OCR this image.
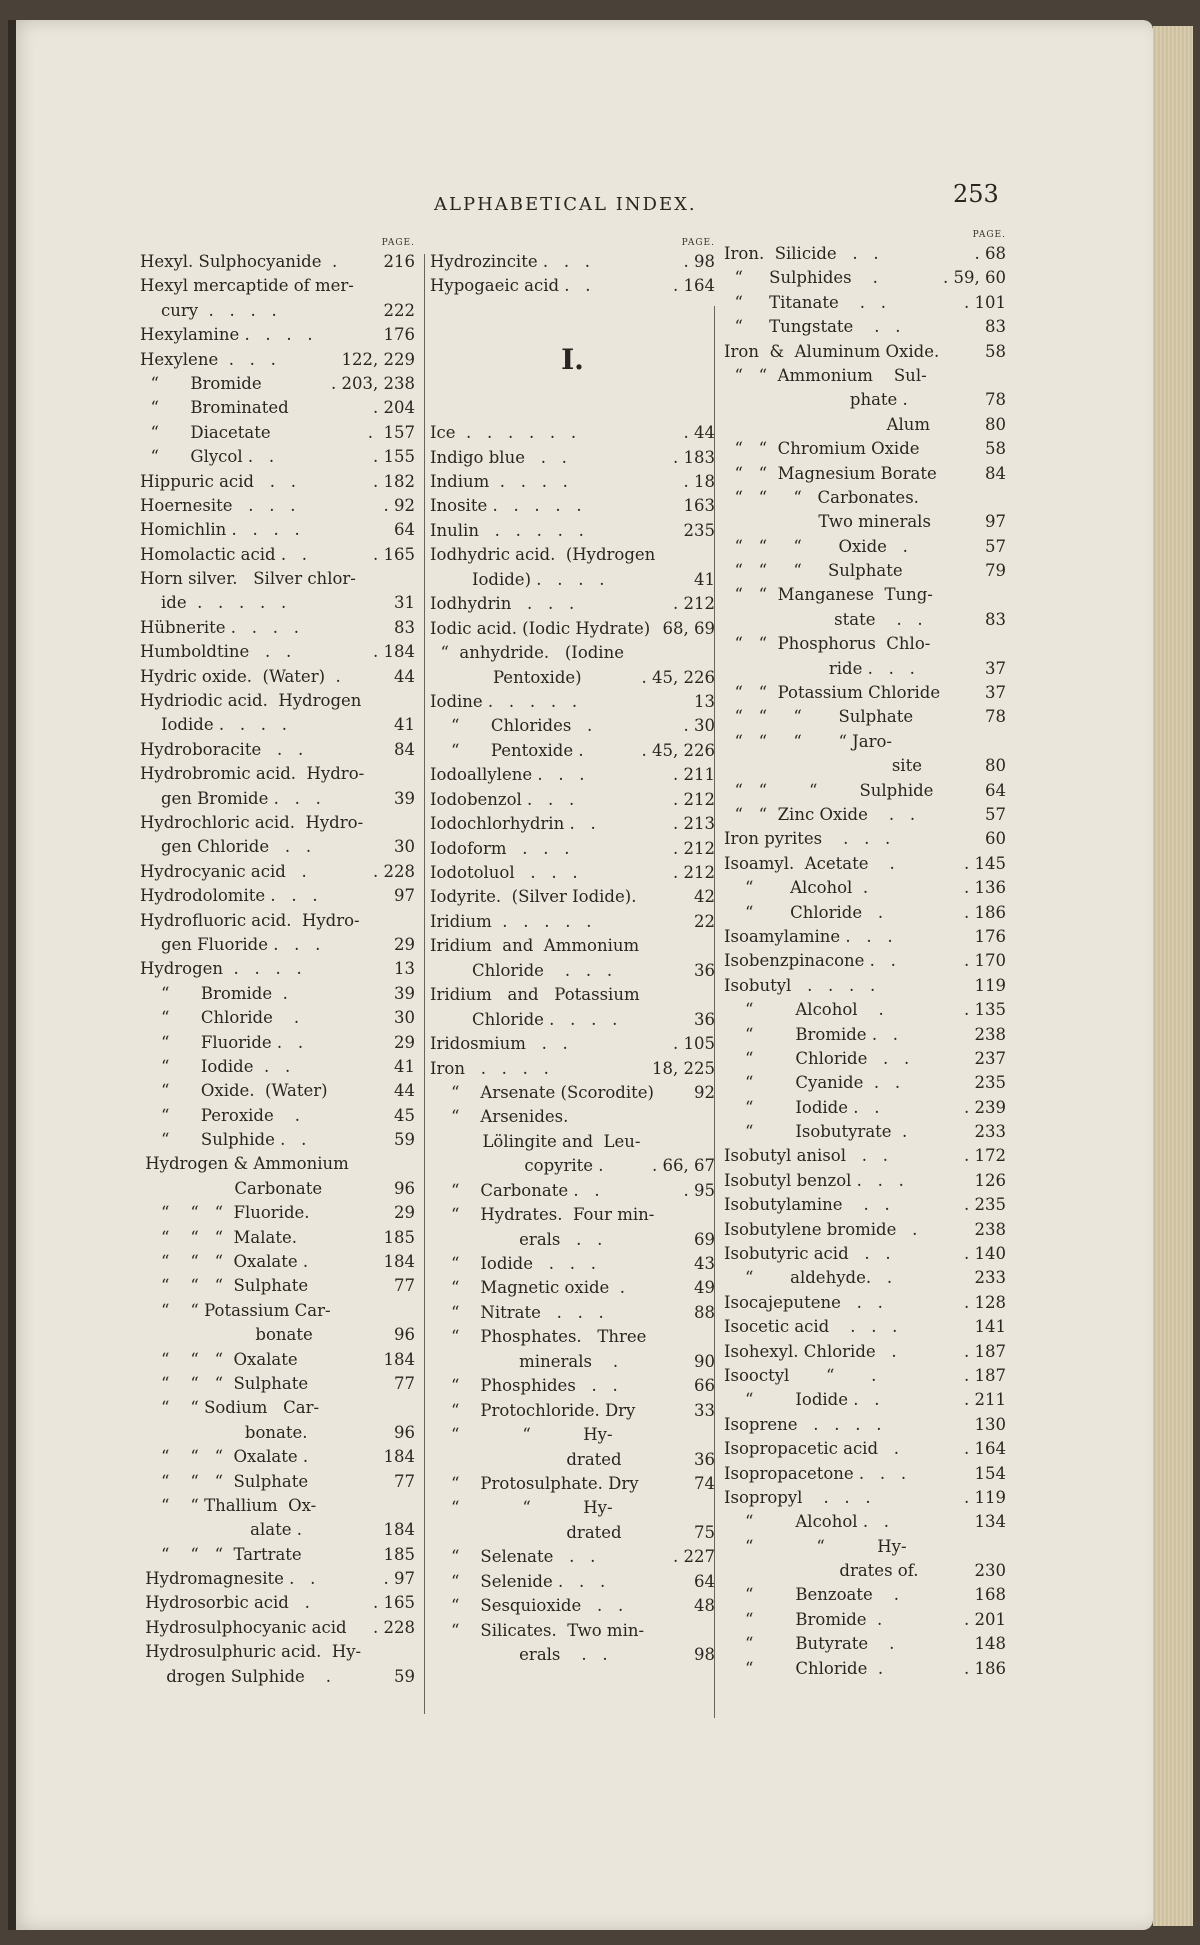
ALPHABETICAL INDEX.	253
PAGE.
Hexyl. Sulphocyanide  .	216
Hexyl mercaptide of mer-
cury  .   .   .   .	222
Hexylamine .   .   .   .	176
Hexylene  .   .   .	122, 229
“      Bromide	. 203, 238
“      Brominated	. 204
“      Diacetate	.  157
“      Glycol .   .	. 155
Hippuric acid   .   .	. 182
Hoernesite   .   .   .	. 92
Homichlin .   .   .   .	64
Homolactic acid .   .	. 165
Horn silver.   Silver chlor-
ide  .   .   .   .   .	31
Hübnerite .   .   .   .	83
Humboldtine   .   .	. 184
Hydric oxide.  (Water)  .	44
Hydriodic acid.  Hydrogen
Iodide .   .   .   .	41
Hydroboracite   .   .	84
Hydrobromic acid.  Hydro-
gen Bromide .   .   .	39
Hydrochloric acid.  Hydro-
gen Chloride   .   .	30
Hydrocyanic acid   .	. 228
Hydrodolomite .   .   .	97
Hydrofluoric acid.  Hydro-
gen Fluoride .   .   .	29
Hydrogen  .   .   .   .	13
“      Bromide  .	39
“      Chloride    .	30
“      Fluoride .   .	29
“      Iodide  .   .	41
“      Oxide.  (Water)	44
“      Peroxide    .	45
“      Sulphide .   .	59
Hydrogen & Ammonium
Carbonate	96
“    “   “  Fluoride.	29
“    “   “  Malate.	185
“    “   “  Oxalate .	184
“    “   “  Sulphate	77
“    “ Potassium Car-
bonate	96
“    “   “  Oxalate	184
“    “   “  Sulphate	77
“    “ Sodium   Car-
bonate.	96
“    “   “  Oxalate .	184
“    “   “  Sulphate	77
“    “ Thallium  Ox-
alate .	184
“    “   “  Tartrate	185
Hydromagnesite .   .	. 97
Hydrosorbic acid   .	. 165
Hydrosulphocyanic acid . 228
Hydrosulphuric acid.  Hy-
drogen Sulphide    .	59
PAGE.
Hydrozincite .   .   .	. 98
Hypogaeic acid .   .	. 164
I.
Ice  .   .   .   .   .   .	. 44
Indigo blue   .   .	. 183
Indium  .   .   .   .	. 18
Inosite .   .   .   .   .	163
Inulin   .   .   .   .   .	235
Iodhydric acid.  (Hydrogen
Iodide) .   .   .   .	41
Iodhydrin   .   .   .	. 212
Iodic acid. (Iodic Hydrate) 68, 69
“  anhydride.   (Iodine
Pentoxide)	. 45, 226
Iodine .   .   .   .   .	13
“      Chlorides   .	. 30
“      Pentoxide .	. 45, 226
Iodoallylene .   .   .	. 211
Iodobenzol .   .   .	. 212
Iodochlorhydrin .   .	. 213
Iodoform   .   .   .	. 212
Iodotoluol   .   .   .	. 212
Iodyrite.  (Silver Iodide).	42
Iridium  .   .   .   .   .	22
Iridium  and  Ammonium
Chloride    .   .   .	36
Iridium   and   Potassium
Chloride .   .   .   .	36
Iridosmium   .   .	. 105
Iron   .   .   .   .	18, 225
“    Arsenate (Scorodite) 92
“    Arsenides.
Lölingite and  Leu-
copyrite .	. 66, 67
“    Carbonate .   .	. 95
“    Hydrates.  Four min-
erals   .   .	69
“    Iodide   .   .   .	43
“    Magnetic oxide  .	49
“    Nitrate   .   .   .	88
“    Phosphates.   Three
minerals    .	90
“    Phosphides   .   .	66
“    Protochloride. Dry	33
“            “          Hy-
drated	36
“    Protosulphate. Dry	74
“            “          Hy-
drated	75
“    Selenate   .   .	. 227
“    Selenide .   .   .	64
“    Sesquioxide   .   .	48
“    Silicates.  Two min-
erals    .   .	98
PAGE.
Iron.  Silicide   .   .	. 68
“     Sulphides    .	. 59, 60
“     Titanate    .   .	. 101
“     Tungstate    .   .	83
Iron  &  Aluminum Oxide.	58
“   “  Ammonium    Sul-
phate .	78
Alum	80
“   “  Chromium Oxide	58
“   “  Magnesium Borate	84
“   “     “   Carbonates.
Two minerals	97
“   “     “       Oxide   .	57
“   “     “     Sulphate	79
“   “  Manganese  Tung-
state    .   .	83
“   “  Phosphorus  Chlo-
ride .   .   .	37
“   “  Potassium Chloride	37
“   “     “       Sulphate	78
“   “     “       “ Jaro-
site	80
“   “        “        Sulphide	64
“   “  Zinc Oxide    .   .	57
Iron pyrites    .   .   .	60
Isoamyl.  Acetate    .	. 145
“       Alcohol  .	. 136
“       Chloride   .	. 186
Isoamylamine .   .   .	176
Isobenzpinacone .   .	. 170
Isobutyl   .   .   .   .	119
“        Alcohol    .	. 135
“        Bromide .   .	238
“        Chloride   .   .	237
“        Cyanide  .   .	235
“        Iodide .   .	. 239
“        Isobutyrate  .	233
Isobutyl anisol   .   .	. 172
Isobutyl benzol .   .   .	126
Isobutylamine    .   .	. 235
Isobutylene bromide   .	238
Isobutyric acid   .   .	. 140
“       aldehyde.   .	233
Isocajeputene   .   .	. 128
Isocetic acid    .   .   .	141
Isohexyl. Chloride   .	. 187
Isooctyl       “       .	. 187
“        Iodide .   .	. 211
Isoprene   .   .   .   .	130
Isopropacetic acid   .	. 164
Isopropacetone .   .   .	154
Isopropyl    .   .   .	. 119
“        Alcohol .   .	134
“            “          Hy-
drates of.	230
“        Benzoate    .	168
“        Bromide  .	. 201
“        Butyrate    .	148
“        Chloride  .	. 186
